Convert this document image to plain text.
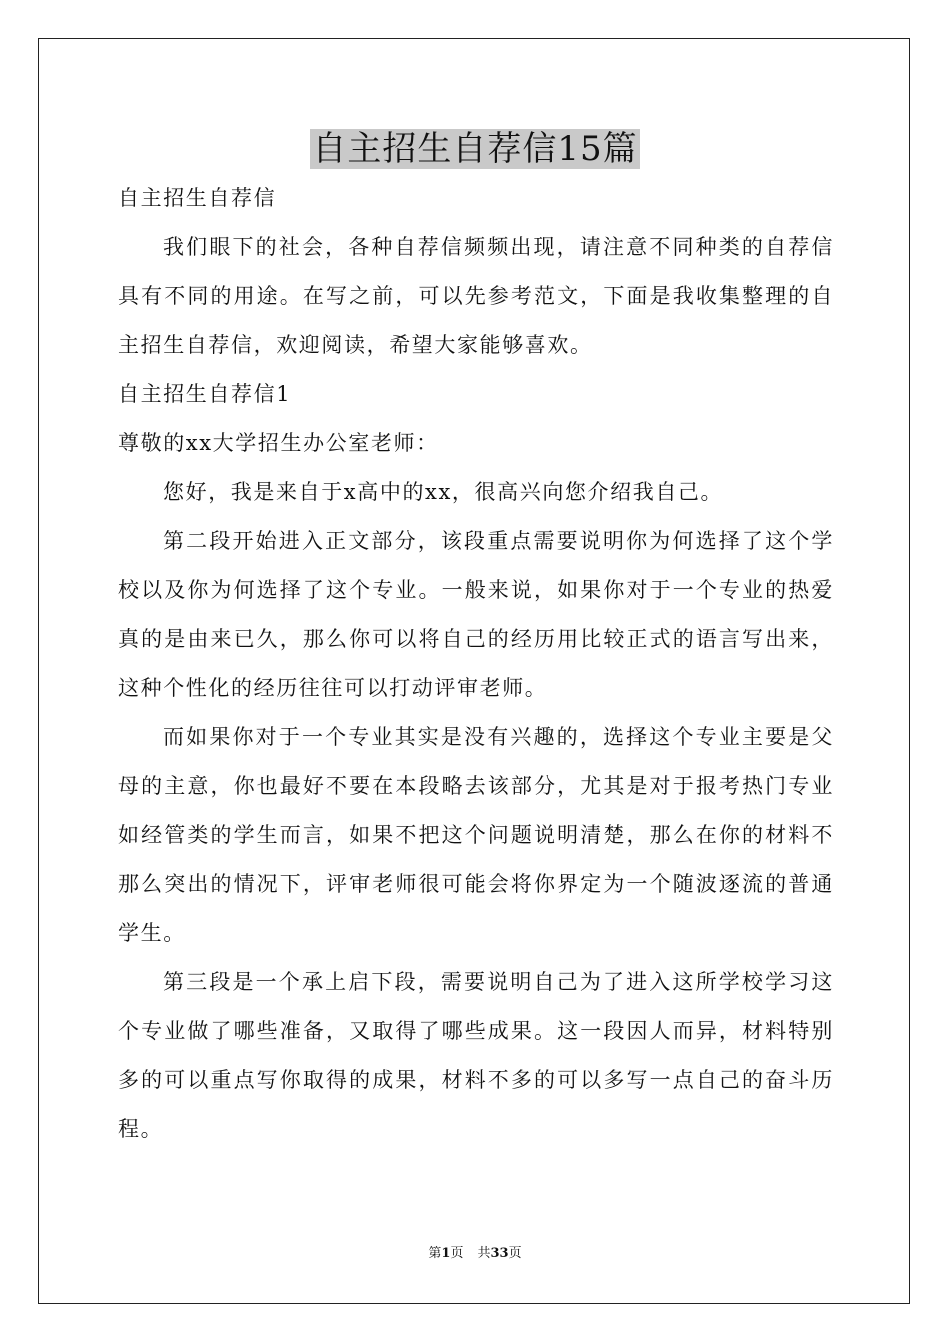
自主招生自荐信15篇

自主招生自荐信

我们眼下的社会，各种自荐信频频出现，请注意不同种类的自荐信具有不同的用途。在写之前，可以先参考范文，下面是我收集整理的自主招生自荐信，欢迎阅读，希望大家能够喜欢。

自主招生自荐信1

尊敬的xx大学招生办公室老师：

您好，我是来自于x高中的xx，很高兴向您介绍我自己。

第二段开始进入正文部分，该段重点需要说明你为何选择了这个学校以及你为何选择了这个专业。一般来说，如果你对于一个专业的热爱真的是由来已久，那么你可以将自己的经历用比较正式的语言写出来，这种个性化的经历往往可以打动评审老师。

而如果你对于一个专业其实是没有兴趣的，选择这个专业主要是父母的主意，你也最好不要在本段略去该部分，尤其是对于报考热门专业如经管类的学生而言，如果不把这个问题说明清楚，那么在你的材料不那么突出的情况下，评审老师很可能会将你界定为一个随波逐流的普通学生。

第三段是一个承上启下段，需要说明自己为了进入这所学校学习这个专业做了哪些准备，又取得了哪些成果。这一段因人而异，材料特别多的可以重点写你取得的成果，材料不多的可以多写一点自己的奋斗历程。

第1页 共33页
